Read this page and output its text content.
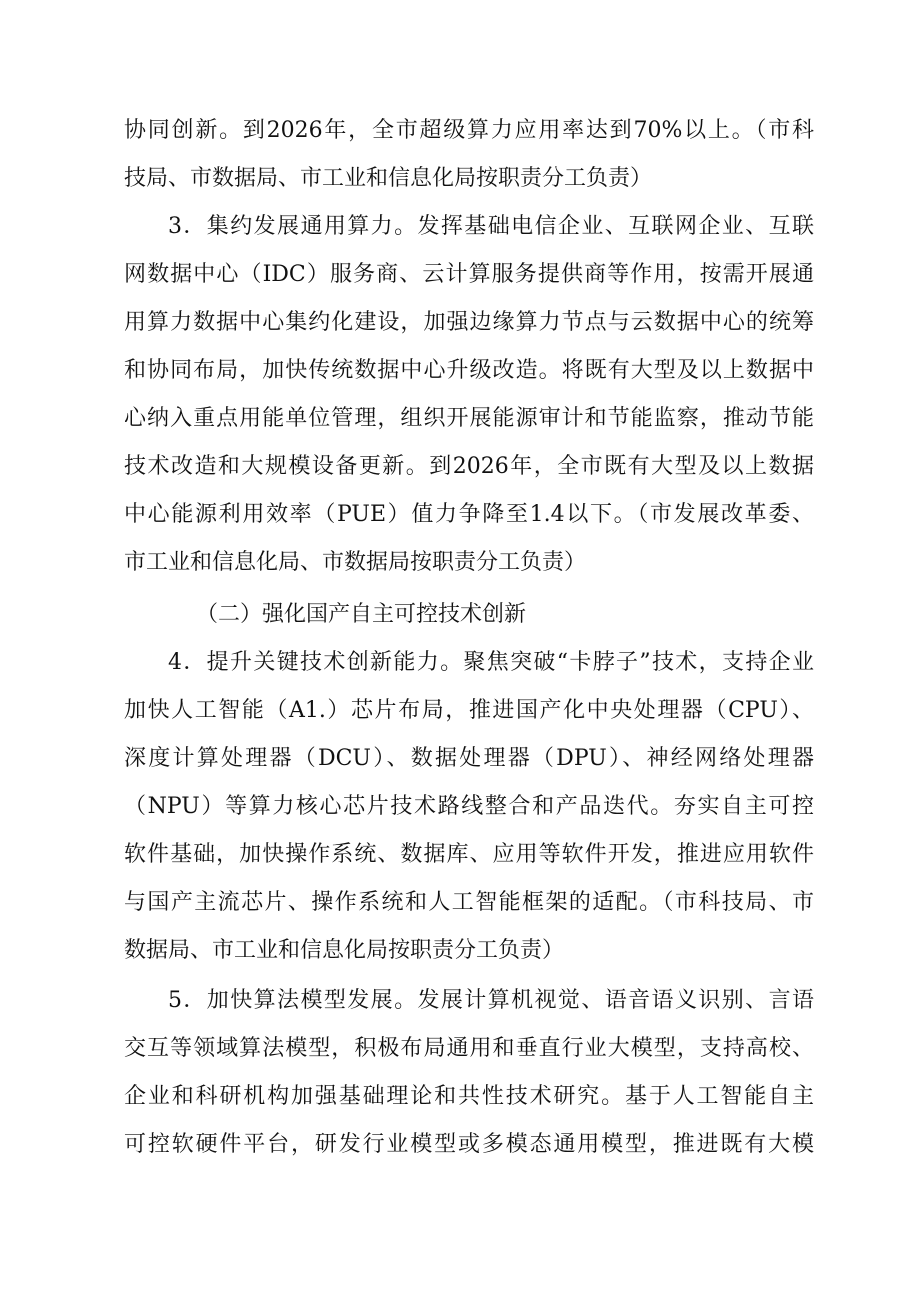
协同创新。到2026年，全市超级算力应用率达到70%以上。（市科
技局、市数据局、市工业和信息化局按职责分工负责）
3．集约发展通用算力。发挥基础电信企业、互联网企业、互联
网数据中心（IDC）服务商、云计算服务提供商等作用，按需开展通
用算力数据中心集约化建设，加强边缘算力节点与云数据中心的统筹
和协同布局，加快传统数据中心升级改造。将既有大型及以上数据中
心纳入重点用能单位管理，组织开展能源审计和节能监察，推动节能
技术改造和大规模设备更新。到2026年，全市既有大型及以上数据
中心能源利用效率（PUE）值力争降至1.4以下。（市发展改革委、
市工业和信息化局、市数据局按职责分工负责）
（二）强化国产自主可控技术创新
4．提升关键技术创新能力。聚焦突破“卡脖子”技术，支持企业
加快人工智能（A1.）芯片布局，推进国产化中央处理器（CPU）、
深度计算处理器（DCU）、数据处理器（DPU）、神经网络处理器
（NPU）等算力核心芯片技术路线整合和产品迭代。夯实自主可控
软件基础，加快操作系统、数据库、应用等软件开发，推进应用软件
与国产主流芯片、操作系统和人工智能框架的适配。（市科技局、市
数据局、市工业和信息化局按职责分工负责）
5．加快算法模型发展。发展计算机视觉、语音语义识别、言语
交互等领域算法模型，积极布局通用和垂直行业大模型，支持高校、
企业和科研机构加强基础理论和共性技术研究。基于人工智能自主
可控软硬件平台，研发行业模型或多模态通用模型，推进既有大模
